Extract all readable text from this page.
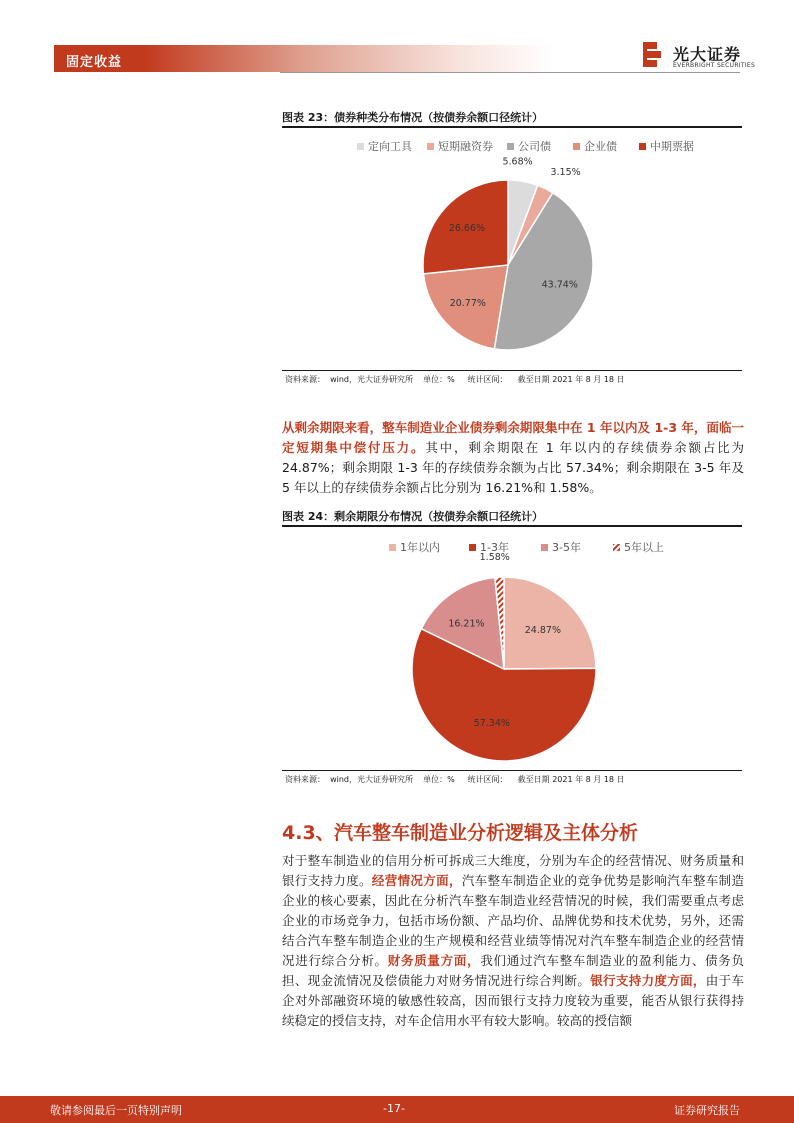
固定收益	光大证券
EVERBRIGHT SECURITIES
图表 23：债券种类分布情况（按债券余额口径统计）
定向工具 短期融资券 公司债	企业债	中期票据
5.68%
3.15%
43.74%
20.77%
26.66%
资料来源：  wind，光大证券研究所    单位：%     统计区间：    截至日期 2021 年 8 月 18 日
从剩余期限来看，整车制造业企业债券剩余期限集中在 1 年以内及 1-3 年，面临一定短期集中偿付压力。其中，剩余期限在 1 年以内的存续债券余额占比为 24.87%；剩余期限 1-3 年的存续债券余额为占比 57.34%；剩余期限在 3-5 年及 5 年以上的存续债券余额占比分别为 16.21%和 1.58%。
图表 24：剩余期限分布情况（按债券余额口径统计）
1年以内	1-3年	3-5年	5年以上
24.87%
57.34%
16.21%
1.58%
资料来源：  wind，光大证券研究所    单位：%     统计区间：    截至日期 2021 年 8 月 18 日
4.3、汽车整车制造业分析逻辑及主体分析
对于整车制造业的信用分析可拆成三大维度，分别为车企的经营情况、财务质量和银行支持力度。经营情况方面，汽车整车制造企业的竞争优势是影响汽车整车制造企业的核心要素，因此在分析汽车整车制造业经营情况的时候，我们需要重点考虑企业的市场竞争力，包括市场份额、产品均价、品牌优势和技术优势，另外，还需结合汽车整车制造企业的生产规模和经营业绩等情况对汽车整车制造企业的经营情况进行综合分析。财务质量方面，我们通过汽车整车制造业的盈利能力、债务负担、现金流情况及偿债能力对财务情况进行综合判断。银行支持力度方面，由于车企对外部融资环境的敏感性较高，因而银行支持力度较为重要，能否从银行获得持续稳定的授信支持，对车企信用水平有较大影响。较高的授信额
敬请参阅最后一页特别声明	-17-	证券研究报告
